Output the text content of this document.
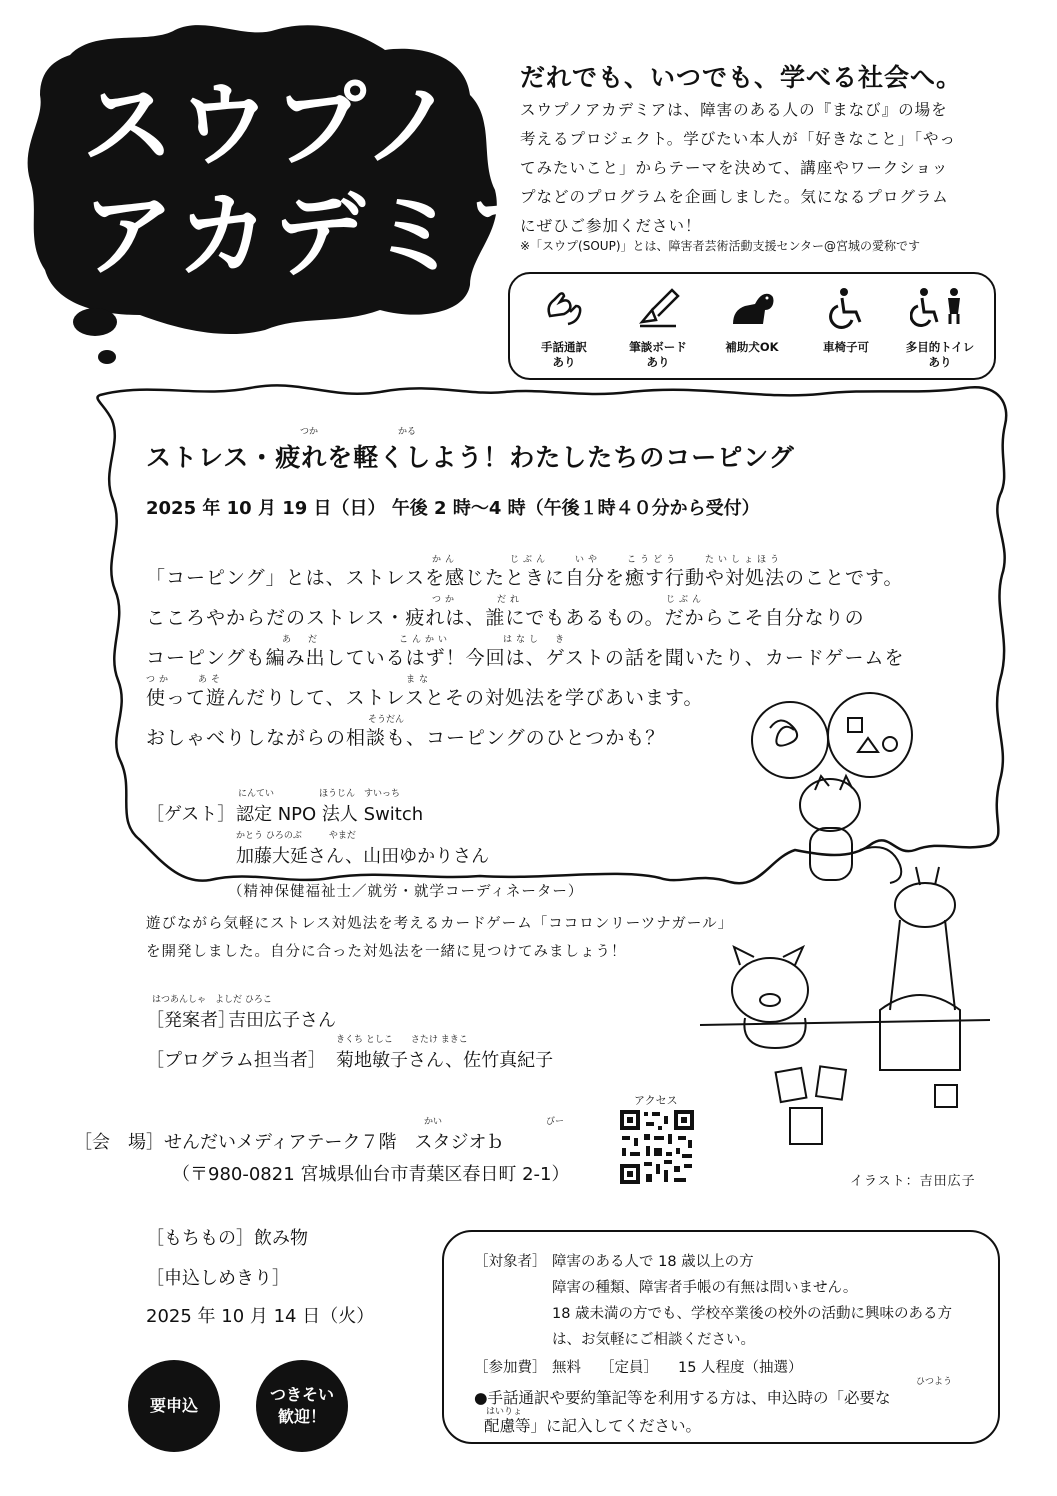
スウプノ
アカデミア
だれでも、いつでも、学べる社会へ。
スウプノアカデミアは、障害のある人の『まなび』の場を
考えるプロジェクト。学びたい本人が「好きなこと」「やっ
てみたいこと」からテーマを決めて、講座やワークショッ
プなどのプログラムを企画しました。気になるプログラム
にぜひご参加ください！
※「スウプ(SOUP)」とは、障害者芸術活動支援センター@宮城の愛称です
手話通訳
あり
筆談ボード
あり
補助犬OK	車椅子可	多目的トイレ
あり
つか	かる
ストレス・疲れを軽くしよう！わたしたちのコーピング
2025 年 10 月 19 日（日） 午後 2 時〜4 時（午後１時４０分から受付）
かん　　　　じぶん　　いや　　こうどう　　たいしょほう
「コーピング」とは、ストレスを感じたときに自分を癒す行動や対処法のことです。
つか　　　だれ　　　　　　　　　　　じぶん
こころやからだのストレス・疲れは、誰にでもあるもの。だからこそ自分なりの
あ　だ　　　　　　こんかい　　　　はなし　き
コーピングも編み出しているはず！今回は、ゲストの話を聞いたり、カードゲームを
つか　　あそ　　　　　　　　　　　　　　まな
使って遊んだりして、ストレスとその対処法を学びあいます。
そうだん
おしゃべりしながらの相談も、コーピングのひとつかも？
にんてい　　　　　ほうじん　すいっち
［ゲスト］ 認定 NPO 法人 Switch
かとう ひろのぶ　　　やまだ
加藤大延さん、山田ゆかりさん
（精神保健福祉士／就労・就学コーディネーター）
遊びながら気軽にストレス対処法を考えるカードゲーム「ココロンリーツナガール」
を開発しました。自分に合った対処法を一緒に見つけてみましょう！
はつあんしゃ　よしだ ひろこ
［発案者］
吉田広子さん
きくち としこ　　さたけ まきこ
［プログラム担当者］ 菊地敏子さん、佐竹真紀子
かい	びー
［会　場］ せんだいメディアテーク７階　スタジオｂ
（〒980-0821 宮城県仙台市青葉区春日町 2-1）
アクセス
イラスト：吉田広子
［もちもの］飲み物
［申込しめきり］
2025 年 10 月 14 日（火）
要申込
つきそい
歓迎！
［対象者］ 障害のある人で 18 歳以上の方
障害の種類、障害者手帳の有無は問いません。
18 歳未満の方でも、学校卒業後の校外の活動に興味のある方
は、お気軽にご相談ください。
［参加費］ 無料 ［定員］ 15 人程度（抽選）
ひつよう
●手話通訳や要約筆記等を利用する方は、申込時の「必要な
はいりょ
配慮等」に記入してください。
